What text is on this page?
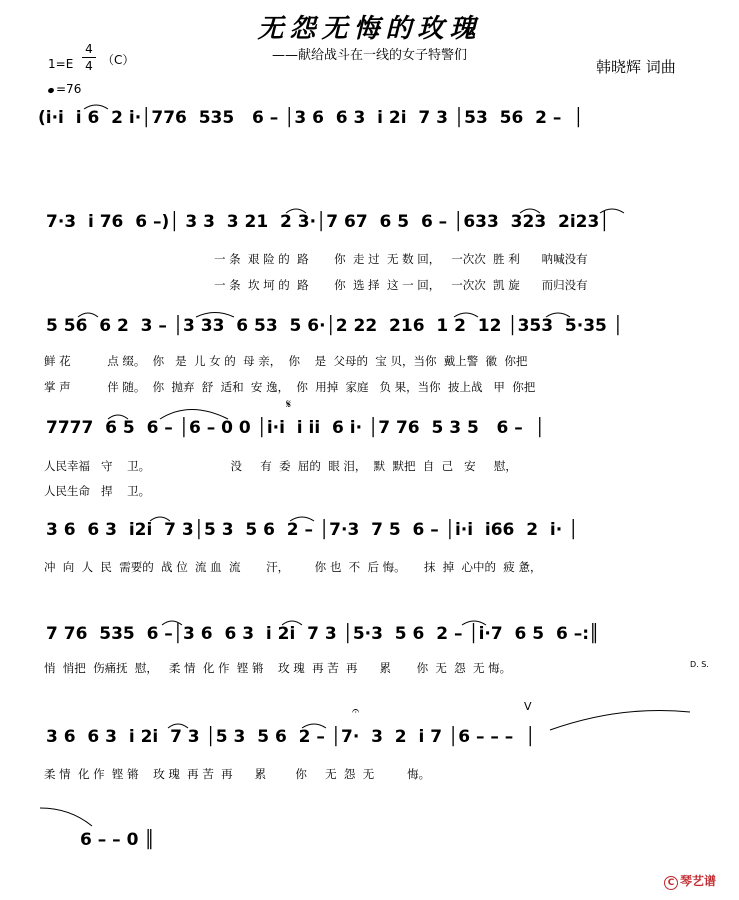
无怨无悔的玫瑰
——献给战斗在一线的女子特警们
韩晓辉 词曲
1=E
4
4 （C）
=76
(i·i  i 6  2 i·│776  535   6 – │3 6  6 3  i 2i  7 3 │53  56  2 –  │
7·3  i 76  6 –)│ 3 3  3 21  2 3·│7 67  6 5  6 – │633  323  2i23│
一 条  艰 险 的  路       你  走 过  无 数 回，   一次次  胜 利      呐喊没有
一 条  坎 坷 的  路       你  选 择  这 一 回，   一次次  凯 旋      而归没有
5 56  6 2  3 – │3 33  6 53  5 6·│2 22  216  1 2  12 │353  5·35 │
鲜 花          点 缀。  你   是  儿 女 的  母 亲，  你    是  父母的  宝 贝，当你  戴上警  徽  你把
掌 声          伴 随。  你  抛弃  舒  适和  安 逸，  你  用掉  家庭   负 果，当你  披上战   甲  你把
7777  6 5  6 – │6 – 0 0 │i·i  i ii  6 i· │7 76  5 3 5   6 –  │
人民幸福   守    卫。                      没     有  委  屈的  眼 泪，  默  默把  自  己   安     慰，
人民生命   捍    卫。
3 6  6 3  i2i  7 3│5 3  5 6  2 – │7·3  7 5  6 – │i·i  i66  2  i· │
冲  向  人  民  需要的  战 位  流 血  流       汗，       你 也  不  后 悔。     抹  掉  心中的  疲 惫，
7 76  535  6 –│3 6  6 3  i 2i  7 3 │5·3  5 6  2 – │i·7  6 5  6 –:║
悄  悄把  伤痛抚  慰，   柔 情  化 作  铿 锵    玫 瑰  再 苦  再      累       你  无  怨  无 悔。
3 6  6 3  i 2i  7 3 │5 3  5 6  2 – │7·  3  2  i 7 │6 – – –  │
柔 情  化 作  铿 锵    玫 瑰  再 苦  再      累        你     无  怨  无         悔。
6 – – 0 ║
D. S.
𝄋
𝄐	V
C 琴艺谱
